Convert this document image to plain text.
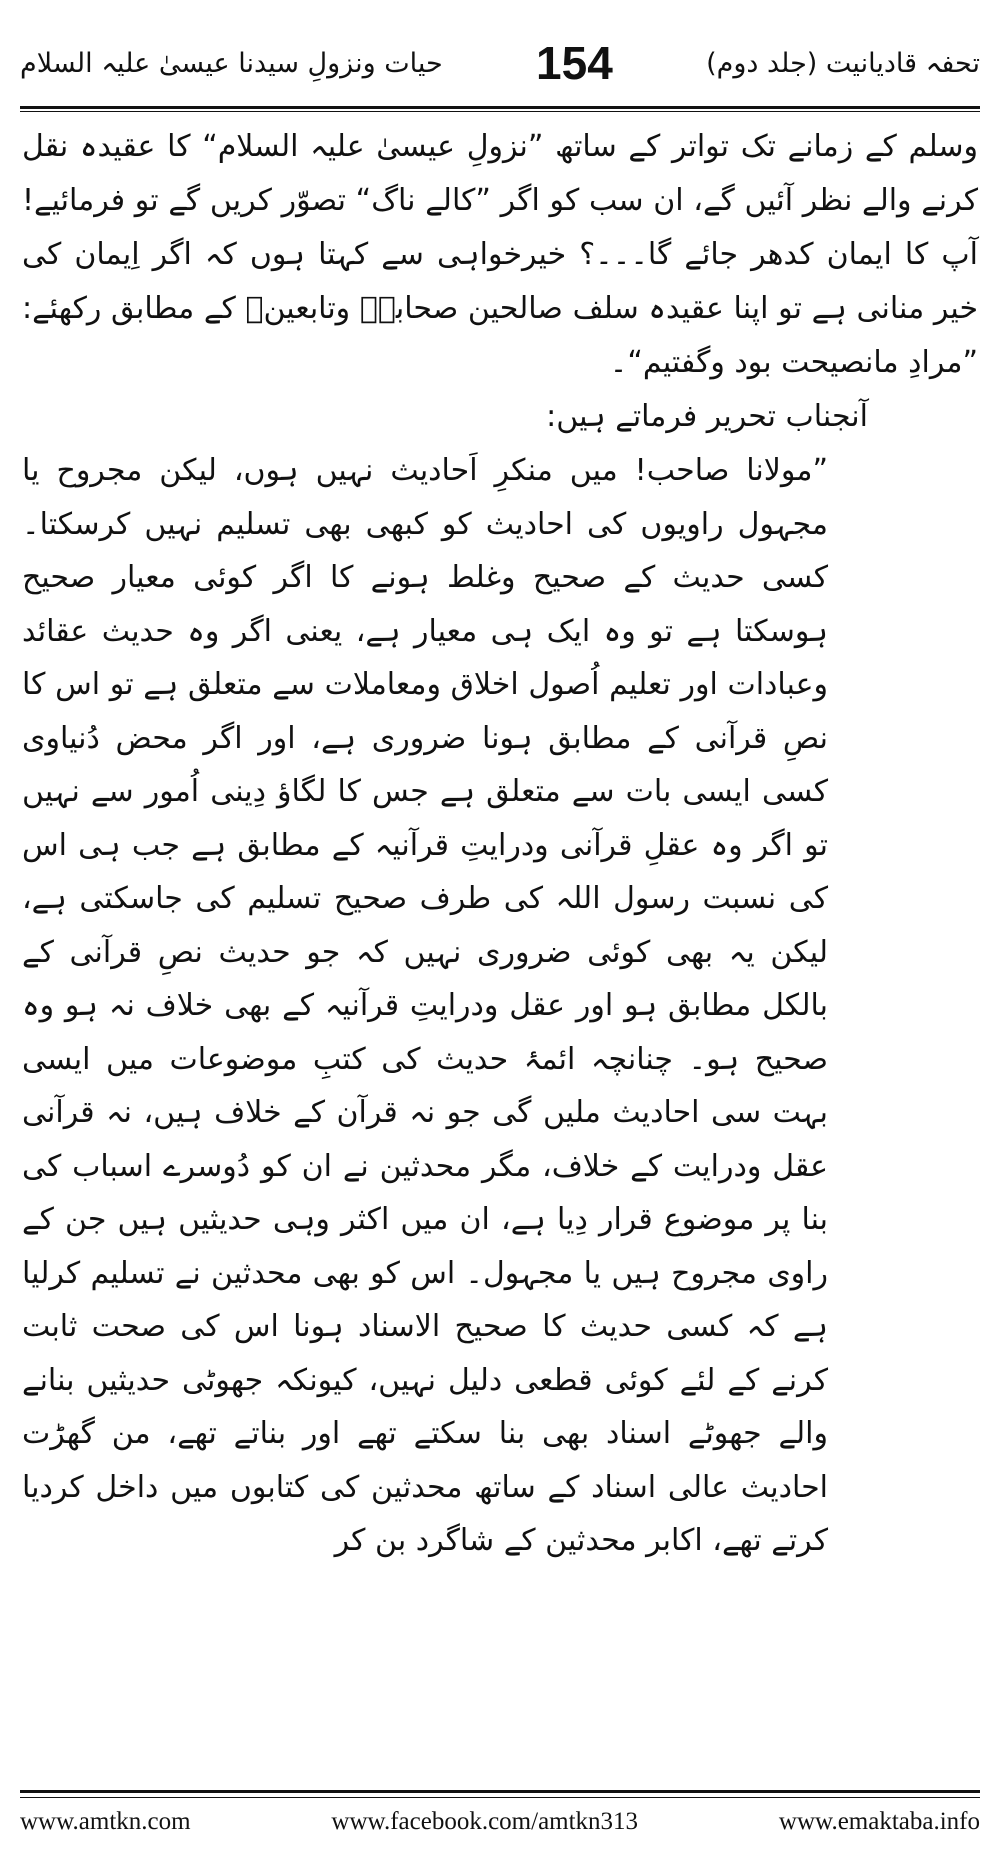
تحفہ قادیانیت (جلد دوم)
154
حیات ونزولِ سیدنا عیسیٰ علیہ السلام

وسلم کے زمانے تک تواتر کے ساتھ ”نزولِ عیسیٰ علیہ السلام“ کا عقیدہ نقل کرنے والے نظر آئیں گے، ان سب کو اگر ”کالے ناگ“ تصوّر کریں گے تو فرمائیے! آپ کا ایمان کدھر جائے گا۔۔۔؟ خیرخواہی سے کہتا ہوں کہ اگر اِیمان کی خیر منانی ہے تو اپنا عقیدہ سلف صالحین صحابہؓ وتابعینؒ کے مطابق رکھئے: ”مرادِ مانصیحت بود وگفتیم“۔

آنجناب تحریر فرماتے ہیں:

”مولانا صاحب! میں منکرِ اَحادیث نہیں ہوں، لیکن مجروح یا مجہول راویوں کی احادیث کو کبھی بھی تسلیم نہیں کرسکتا۔ کسی حدیث کے صحیح وغلط ہونے کا اگر کوئی معیار صحیح ہوسکتا ہے تو وہ ایک ہی معیار ہے، یعنی اگر وہ حدیث عقائد وعبادات اور تعلیم اُصول اخلاق ومعاملات سے متعلق ہے تو اس کا نصِ قرآنی کے مطابق ہونا ضروری ہے، اور اگر محض دُنیاوی کسی ایسی بات سے متعلق ہے جس کا لگاؤ دِینی اُمور سے نہیں تو اگر وہ عقلِ قرآنی ودرایتِ قرآنیہ کے مطابق ہے جب ہی اس کی نسبت رسول اللہ کی طرف صحیح تسلیم کی جاسکتی ہے، لیکن یہ بھی کوئی ضروری نہیں کہ جو حدیث نصِ قرآنی کے بالکل مطابق ہو اور عقل ودرایتِ قرآنیہ کے بھی خلاف نہ ہو وہ صحیح ہو۔ چنانچہ ائمۂ حدیث کی کتبِ موضوعات میں ایسی بہت سی احادیث ملیں گی جو نہ قرآن کے خلاف ہیں، نہ قرآنی عقل ودرایت کے خلاف، مگر محدثین نے ان کو دُوسرے اسباب کی بنا پر موضوع قرار دِیا ہے، ان میں اکثر وہی حدیثیں ہیں جن کے راوی مجروح ہیں یا مجہول۔ اس کو بھی محدثین نے تسلیم کرلیا ہے کہ کسی حدیث کا صحیح الاسناد ہونا اس کی صحت ثابت کرنے کے لئے کوئی قطعی دلیل نہیں، کیونکہ جھوٹی حدیثیں بنانے والے جھوٹے اسناد بھی بنا سکتے تھے اور بناتے تھے، من گھڑت احادیث عالی اسناد کے ساتھ محدثین کی کتابوں میں داخل کردیا کرتے تھے، اکابر محدثین کے شاگرد بن کر

www.amtkn.com	www.facebook.com/amtkn313	www.emaktaba.info
